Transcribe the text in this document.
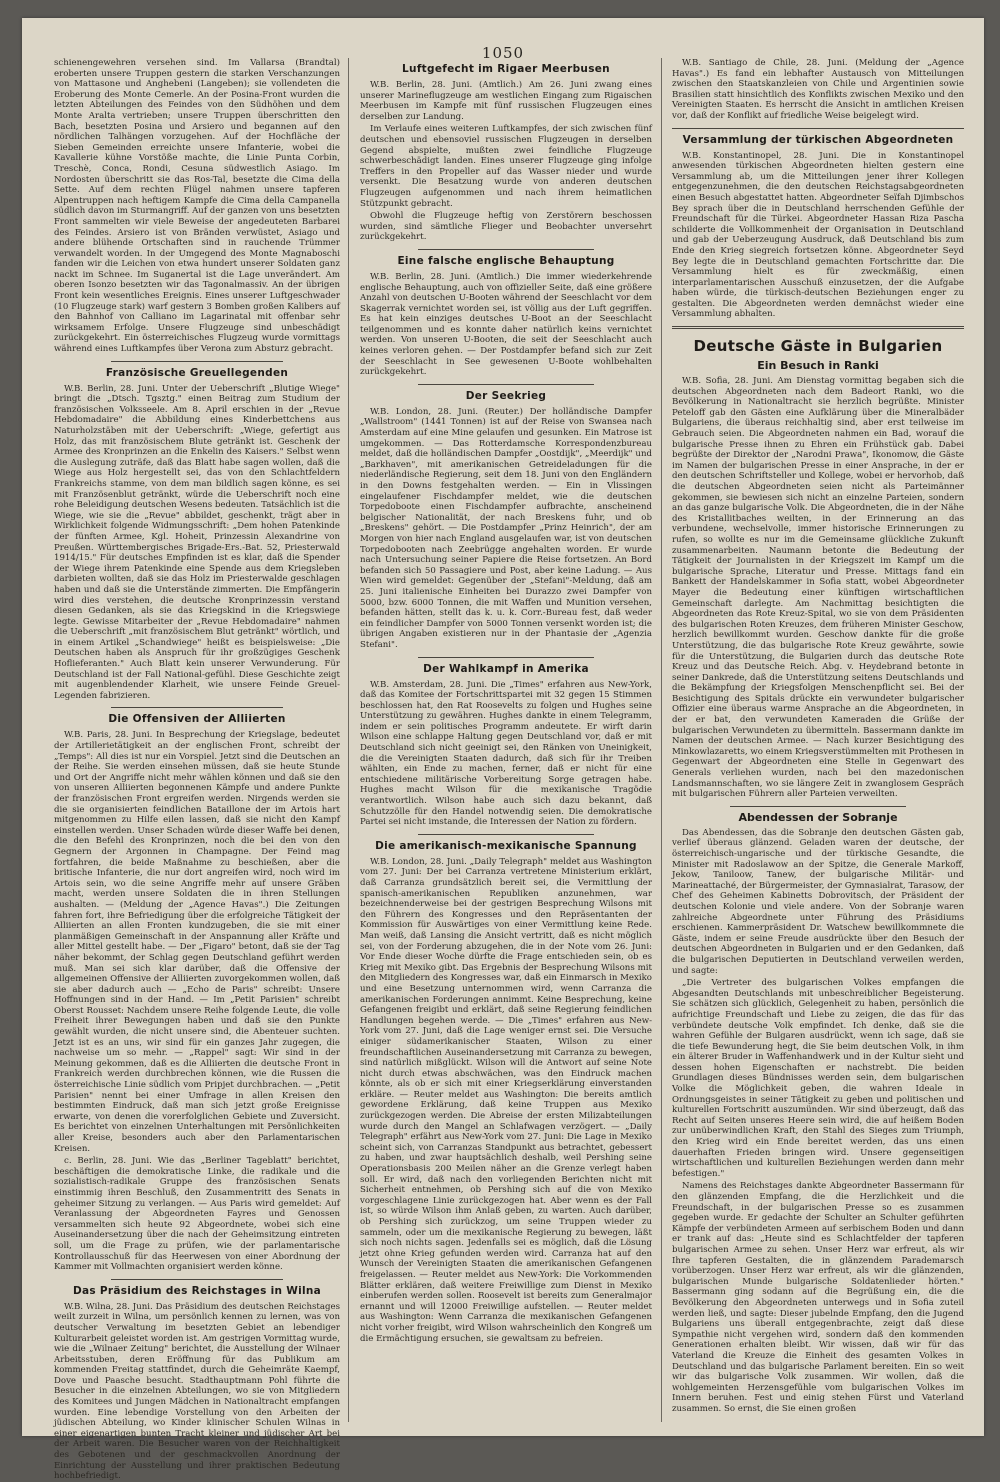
1050

schienengewehren versehen sind. Im Vallarsa (Brandtal) eroberten unsere Truppen gestern die starken Verschanzungen von Mattasone und Anghebeni (Langeben); sie vollendeten die Eroberung des Monte Cemerle. An der Posina-Front wurden die letzten Abteilungen des Feindes von den Südhöhen und dem Monte Aralta vertrieben; unsere Truppen überschritten den Bach, besetzten Posina und Arsiero und begannen auf den nördlichen Talhängen vorzugehen. Auf der Hochfläche der Sieben Gemeinden erreichte unsere Infanterie, wobei die Kavallerie kühne Vorstöße machte, die Linie Punta Corbin, Treschè, Conca, Rondi, Cesuna südwestlich Asiago. Im Nordosten überschritt sie das Ros-Tal, besetzte die Cima della Sette. Auf dem rechten Flügel nahmen unsere tapferen Alpentruppen nach heftigem Kampfe die Cima della Campanella südlich davon im Sturmangriff. Auf der ganzen von uns besetzten Front sammelten wir viele Beweise der angedeuteten Barbarei des Feindes. Arsiero ist von Bränden verwüstet, Asiago und andere blühende Ortschaften sind in rauchende Trümmer verwandelt worden. In der Umgegend des Monte Magnaboschi fanden wir die Leichen von etwa hundert unserer Soldaten ganz nackt im Schnee. Im Suganertal ist die Lage unverändert. Am oberen Isonzo besetzten wir das Tagonalmassiv. An der übrigen Front kein wesentliches Ereignis. Eines unserer Luftgeschwader (10 Flugzeuge stark) warf gestern 3 Bomben großen Kalibers auf den Bahnhof von Calliano im Lagarinatal mit offenbar sehr wirksamem Erfolge. Unsere Flugzeuge sind unbeschädigt zurückgekehrt. Ein österreichisches Flugzeug wurde vormittags während eines Luftkampfes über Verona zum Absturz gebracht.

Französische Greuellegenden

W.B. Berlin, 28. Juni. Unter der Ueberschrift „Blutige Wiege" bringt die „Dtsch. Tgsztg." einen Beitrag zum Studium der französischen Volksseele. Am 8. April erschien in der „Revue Hebdomadaire" die Abbildung eines Kinderbettchens aus Naturholzstäben mit der Ueberschrift: „Wiege, gefertigt aus Holz, das mit französischem Blute getränkt ist. Geschenk der Armee des Kronprinzen an die Enkelin des Kaisers." Selbst wenn die Auslegung zuträfe, daß das Blatt habe sagen wollen, daß die Wiege aus Holz hergestellt sei, das von den Schlachtfeldern Frankreichs stamme, von dem man bildlich sagen könne, es sei mit Französenblut getränkt, würde die Ueberschrift noch eine rohe Beleidigung deutschen Wesens bedeuten. Tatsächlich ist die Wiege, wie sie die „Revue" abbildet, geschenkt, trägt aber in Wirklichkeit folgende Widmungsschrift: „Dem hohen Patenkinde der fünften Armee, Kgl. Hoheit, Prinzessin Alexandrine von Preußen. Württembergisches Brigade-Ers.-Bat. 52, Priesterwald 1914/15." Für deutsches Empfinden ist es klar, daß die Spender der Wiege ihrem Patenkinde eine Spende aus dem Kriegsleben darbieten wollten, daß sie das Holz im Priesterwalde geschlagen haben und daß sie die Unterstände zimmerten. Die Empfängerin wird dies verstehen, die deutsche Kronprinzessin verstand diesen Gedanken, als sie das Kriegskind in die Kriegswiege legte. Gewisse Mitarbeiter der „Revue Hebdomadaire" nahmen die Ueberschrift „mit französischem Blut getränkt" wörtlich, und in einem Artikel „Schandwiege" heißt es beispielsweise: „Die Deutschen haben als Anspruch für ihr großzügiges Geschenk Hoflieferanten." Auch Blatt kein unserer Verwunderung. Für Deutschland ist der Fall National-gefühl. Diese Geschichte zeigt mit augenblendender Klarheit, wie unsere Feinde Greuel-Legenden fabrizieren.

Die Offensiven der Alliierten

W.B. Paris, 28. Juni. In Besprechung der Kriegslage, bedeutet der Artillerietätigkeit an der englischen Front, schreibt der „Temps": All dies ist nur ein Vorspiel. Jetzt sind die Deutschen an der Reihe. Sie werden einsehen müssen, daß sie heute Stunde und Ort der Angriffe nicht mehr wählen können und daß sie den von unseren Alliierten begonnenen Kämpfe und andere Punkte der französischen Front ergreifen werden. Nirgends werden sie die sie organisierten feindlichen Bataillone der im Artois hart mitgenommen zu Hilfe eilen lassen, daß sie nicht den Kampf einstellen werden. Unser Schaden würde dieser Waffe bei denen, die den Befehl des Kronprinzen, noch die bei den von den Gegnern der Argonnen in Champagne. Der Feind mag fortfahren, die beide Maßnahme zu beschießen, aber die britische Infanterie, die nur dort angreifen wird, noch wird im Artois sein, wo die seine Angriffe mehr auf unsere Gräben macht, werden unsere Soldaten die in ihren Stellungen aushalten. — (Meldung der „Agence Havas".) Die Zeitungen fahren fort, ihre Befriedigung über die erfolgreiche Tätigkeit der Alliierten an allen Fronten kundzugeben, die sie mit einer planmäßigen Gemeinschaft in der Anspannung aller Kräfte und aller Mittel gestellt habe. — Der „Figaro" betont, daß sie der Tag näher bekommt, der Schlag gegen Deutschland geführt werden muß. Man sei sich klar darüber, daß die Offensive der allgemeinen Offensive der Alliierten zuvorgekommen wollen, daß sie aber dadurch auch — „Echo de Paris" schreibt: Unsere Hoffnungen sind in der Hand. — Im „Petit Parisien" schreibt Oberst Rousset: Nachdem unsere Reihe folgende Leute, die volle Freiheit ihrer Bewegungen haben und daß sie den Punkte gewählt wurden, die nicht unsere sind, die Abenteuer suchten. Jetzt ist es an uns, wir sind für ein ganzes Jahr zugegen, die nachweise um so mehr. — „Rappel" sagt: Wir sind in der Meinung gekommen, daß es die Alliierten die deutsche Front in Frankreich werden durchbrechen können, wie die Russen die österreichische Linie südlich vom Pripjet durchbrachen. — „Petit Parisien" nennt bei einer Umfrage in allen Kreisen den bestimmten Eindruck, daß man sich jetzt große Ereignisse erwarte, von denen die vorerfolglichen Gebiete und Zuversicht. Es berichtet von einzelnen Unterhaltungen mit Persönlichkeiten aller Kreise, besonders auch aber den Parlamentarischen Kreisen.

c. Berlin, 28. Juni. Wie das „Berliner Tageblatt" berichtet, beschäftigen die demokratische Linke, die radikale und die sozialistisch-radikale Gruppe des französischen Senats einstimmig ihren Beschluß, den Zusammentritt des Senats in geheimer Sitzung zu verlangen. — Aus Paris wird gemeldet: Auf Veranlassung der Abgeordneten Fayres und Genossen versammelten sich heute 92 Abgeordnete, wobei sich eine Auseinandersetzung über die nach der Geheimsitzung eintreten soll, um die Frage zu prüfen, wie der parlamentarische Kontrollausschuß für das Heerwesen von einer Abordnung der Kammer mit Vollmachten organisiert werden könne.

Das Präsidium des Reichstages in Wilna

W.B. Wilna, 28. Juni. Das Präsidium des deutschen Reichstages weilt zurzeit in Wilna, um persönlich kennen zu lernen, was von deutscher Verwaltung im besetzten Gebiet an lebendiger Kulturarbeit geleistet worden ist. Am gestrigen Vormittag wurde, wie die „Wilnaer Zeitung" berichtet, die Ausstellung der Wilnaer Arbeitsstuben, deren Eröffnung für das Publikum am kommenden Freitag stattfindet, durch die Geheimräte Kaempf, Dove und Paasche besucht. Stadthauptmann Pohl führte die Besucher in die einzelnen Abteilungen, wo sie von Mitgliedern des Komitees und Jungen Mädchen in Nationaltracht empfangen wurden. Eine lebendige Vorstellung von den Arbeiten der jüdischen Abteilung, wo Kinder klinischer Schulen Wilnas in einer eigenartigen bunten Tracht kleiner und jüdischer Art bei der Arbeit waren. Die Besucher waren von der Reichhaltigkeit des Gebotenen und der geschmackvollen Anordnung der Einrichtung der Ausstellung und ihrer praktischen Bedeutung hochbefriedigt.

Luftgefecht im Rigaer Meerbusen

W.B. Berlin, 28. Juni. (Amtlich.) Am 26. Juni zwang eines unserer Marineflugzeuge am westlichen Eingang zum Rigaischen Meerbusen im Kampfe mit fünf russischen Flugzeugen eines derselben zur Landung.

Im Verlaufe eines weiteren Luftkampfes, der sich zwischen fünf deutschen und ebensoviel russischen Flugzeugen in derselben Gegend abspielte, mußten zwei feindliche Flugzeuge schwerbeschädigt landen. Eines unserer Flugzeuge ging infolge Treffers in den Propeller auf das Wasser nieder und wurde versenkt. Die Besatzung wurde von anderen deutschen Flugzeugen aufgenommen und nach ihrem heimatlichen Stützpunkt gebracht.

Obwohl die Flugzeuge heftig von Zerstörern beschossen wurden, sind sämtliche Flieger und Beobachter unversehrt zurückgekehrt.

Eine falsche englische Behauptung

W.B. Berlin, 28. Juni. (Amtlich.) Die immer wiederkehrende englische Behauptung, auch von offizieller Seite, daß eine größere Anzahl von deutschen U-Booten während der Seeschlacht vor dem Skagerrak vernichtet worden sei, ist völlig aus der Luft gegriffen. Es hat kein einziges deutsches U-Boot an der Seeschlacht teilgenommen und es konnte daher natürlich keins vernichtet werden. Von unseren U-Booten, die seit der Seeschlacht auch keines verloren gehen. — Der Postdampfer befand sich zur Zeit der Seeschlacht in See gewesenen U-Boote wohlbehalten zurückgekehrt.

Der Seekrieg

W.B. London, 28. Juni. (Reuter.) Der holländische Dampfer „Wallstroom" (1441 Tonnen) ist auf der Reise von Swansea nach Amsterdam auf eine Mine gelaufen und gesunken. Ein Matrose ist umgekommen. — Das Rotterdamsche Korrespondenzbureau meldet, daß die holländischen Dampfer „Oostdijk", „Meerdijk" und „Barkhaven", mit amerikanischen Getreideladungen für die niederländische Regierung, seit dem 18. Juni von den Engländern in den Downs festgehalten werden. — Ein in Vlissingen eingelaufener Fischdampfer meldet, wie die deutschen Torpedoboote einen Fischdampfer aufbrachte, anscheinend belgischer Nationalität, der nach Breskens fuhr, und ob „Breskens" gehört. — Die Postdampfer „Prinz Heinrich", der am Morgen von hier nach England ausgelaufen war, ist von deutschen Torpedobooten nach Zeebrügge angehalten worden. Er wurde nach Untersuchung seiner Papiere die Reise fortsetzen. An Bord befanden sich 50 Passagiere und Post, aber keine Ladung. — Aus Wien wird gemeldet: Gegenüber der „Stefani"-Meldung, daß am 25. Juni italienische Einheiten bei Durazzo zwei Dampfer von 5000, bzw. 6000 Tonnen, die mit Waffen und Munition versehen, befanden hätten, stellt das k. u. k. Corr.-Bureau fest, daß weder ein feindlicher Dampfer von 5000 Tonnen versenkt worden ist; die übrigen Angaben existieren nur in der Phantasie der „Agenzia Stefani".

Der Wahlkampf in Amerika

W.B. Amsterdam, 28. Juni. Die „Times" erfahren aus New-York, daß das Komitee der Fortschrittspartei mit 32 gegen 15 Stimmen beschlossen hat, den Rat Roosevelts zu folgen und Hughes seine Unterstützung zu gewähren. Hughes dankte in einem Telegramm, indem er sein politisches Programm andeutete. Er wirft darin Wilson eine schlappe Haltung gegen Deutschland vor, daß er mit Deutschland sich nicht geeinigt sei, den Ränken von Uneinigkeit, die die Vereinigten Staaten dadurch, daß sich für ihr Treiben wählten, ein Ende zu machen, ferner, daß er nicht für eine entschiedene militärische Vorbereitung Sorge getragen habe. Hughes macht Wilson für die mexikanische Tragödie verantwortlich. Wilson habe auch sich dazu bekannt, daß Schutzzölle für den Handel notwendig seien. Die demokratische Partei sei nicht imstande, die Interessen der Nation zu fördern.

Die amerikanisch-mexikanische Spannung

W.B. London, 28. Juni. „Daily Telegraph" meldet aus Washington vom 27. Juni: Der bei Carranza vertretene Ministerium erklärt, daß Carranza grundsätzlich bereit sei, die Vermittlung der spanisch-amerikanischen Republiken anzunehmen, war bezeichnenderweise bei der gestrigen Besprechung Wilsons mit den Führern des Kongresses und den Repräsentanten der Kommission für Auswärtiges von einer Vermittlung keine Rede. Man weiß, daß Lansing die Ansicht vertritt, daß es nicht möglich sei, von der Forderung abzugehen, die in der Note vom 26. Juni: Vor Ende dieser Woche dürfte die Frage entschieden sein, ob es Krieg mit Mexiko gibt. Das Ergebnis der Besprechung Wilsons mit den Mitgliedern des Kongresses war, daß ein Einmarsch in Mexiko und eine Besetzung unternommen wird, wenn Carranza die amerikanischen Forderungen annimmt. Keine Besprechung, keine Gefangenen freigibt und erklärt, daß seine Regierung feindlichen Handlungen begehen werde. — Die „Times" erfahren aus New-York vom 27. Juni, daß die Lage weniger ernst sei. Die Versuche einiger südamerikanischer Staaten, Wilson zu einer freundschaftlichen Auseinandersetzung mit Carranza zu bewegen, sind natürlich mißglückt. Wilson will die Antwort auf seine Note nicht durch etwas abschwächen, was den Eindruck machen könnte, als ob er sich mit einer Kriegserklärung einverstanden erkläre. — Reuter meldet aus Washington: Die bereits amtlich gewordene Erklärung, daß keine Truppen aus Mexiko zurückgezogen werden. Die Abreise der ersten Milizabteilungen wurde durch den Mangel an Schlafwagen verzögert. — „Daily Telegraph" erfährt aus New-York vom 27. Juni: Die Lage in Mexiko scheint sich, von Carranzas Standpunkt aus betrachtet, gebessert zu haben, und zwar hauptsächlich deshalb, weil Pershing seine Operationsbasis 200 Meilen näher an die Grenze verlegt haben soll. Er wird, daß nach den vorliegenden Berichten nicht mit Sicherheit entnehmen, ob Pershing sich auf die von Mexiko vorgeschlagene Linie zurückgezogen hat. Aber wenn es der Fall ist, so würde Wilson ihm Anlaß geben, zu warten. Auch darüber, ob Pershing sich zurückzog, um seine Truppen wieder zu sammeln, oder um die mexikanische Regierung zu bewegen, läßt sich noch nichts sagen. Jedenfalls sei es möglich, daß die Lösung jetzt ohne Krieg gefunden werden wird. Carranza hat auf den Wunsch der Vereinigten Staaten die amerikanischen Gefangenen freigelassen. — Reuter meldet aus New-York: Die Vorkommenden Blätter erklären, daß weitere Freiwillige zum Dienst in Mexiko einberufen werden sollen. Roosevelt ist bereits zum Generalmajor ernannt und will 12000 Freiwillige aufstellen. — Reuter meldet aus Washington: Wenn Carranza die mexikanischen Gefangenen nicht vorher freigibt, wird Wilson wahrscheinlich den Kongreß um die Ermächtigung ersuchen, sie gewaltsam zu befreien.

W.B. Santiago de Chile, 28. Juni. (Meldung der „Agence Havas".) Es fand ein lebhafter Austausch von Mitteilungen zwischen den Staatskanzleien von Chile und Argentinien sowie Brasilien statt hinsichtlich des Konflikts zwischen Mexiko und den Vereinigten Staaten. Es herrscht die Ansicht in amtlichen Kreisen vor, daß der Konflikt auf friedliche Weise beigelegt wird.

Versammlung der türkischen Abgeordneten

W.B. Konstantinopel, 28. Juni. Die in Konstantinopel anwesenden türkischen Abgeordneten hielten gestern eine Versammlung ab, um die Mitteilungen jener ihrer Kollegen entgegenzunehmen, die den deutschen Reichstagsabgeordneten einen Besuch abgestattet hatten. Abgeordneter Seïfah Djimbschos Bey sprach über die in Deutschland herrschenden Gefühle der Freundschaft für die Türkei. Abgeordneter Hassan Riza Pascha schilderte die Vollkommenheit der Organisation in Deutschland und gab der Ueberzeugung Ausdruck, daß Deutschland bis zum Ende den Krieg siegreich fortsetzen könne. Abgeordneter Seyd Bey legte die in Deutschland gemachten Fortschritte dar. Die Versammlung hielt es für zweckmäßig, einen interparlamentarischen Ausschuß einzusetzen, der die Aufgabe haben würde, die türkisch-deutschen Beziehungen enger zu gestalten. Die Abgeordneten werden demnächst wieder eine Versammlung abhalten.

Deutsche Gäste in Bulgarien
Ein Besuch in Ranki

W.B. Sofia, 28. Juni. Am Dienstag vormittag begaben sich die deutschen Abgeordneten nach dem Badeort Ranki, wo die Bevölkerung in Nationaltracht sie herzlich begrüßte. Minister Peteloff gab den Gästen eine Aufklärung über die Mineralbäder Bulgariens, die überaus reichhaltig sind, aber erst teilweise im Gebrauch seien. Die Abgeordneten nahmen ein Bad, worauf die bulgarische Presse ihnen zu Ehren ein Frühstück gab. Dabei begrüßte der Direktor der „Narodni Prawa", Ikonomow, die Gäste im Namen der bulgarischen Presse in einer Ansprache, in der er den deutschen Schriftsteller und Kollege, wobei er hervorhob, daß die deutschen Abgeordneten seien nicht als Parteimänner gekommen, sie bewiesen sich nicht an einzelne Parteien, sondern an das ganze bulgarische Volk. Die Abgeordneten, die in der Nähe des Kristallitbaches weilten, in der Erinnerung an das verbundene, wechselvolle, immer historische Erinnerungen zu rufen, so wollte es nur im die Gemeinsame glückliche Zukunft zusammenarbeiten. Naumann betonte die Bedeutung der Tätigkeit der Journalisten in der Kriegszeit im Kampf um die bulgarische Sprache, Literatur und Presse. Mittags fand ein Bankett der Handelskammer in Sofia statt, wobei Abgeordneter Mayer die Bedeutung einer künftigen wirtschaftlichen Gemeinschaft darlegte. Am Nachmittag besichtigten die Abgeordneten das Rote Kreuz-Spital, wo sie von dem Präsidenten des bulgarischen Roten Kreuzes, dem früheren Minister Geschow, herzlich bewillkommt wurden. Geschow dankte für die große Unterstützung, die das bulgarische Rote Kreuz gewährte, sowie für die Unterstützung, die Bulgarien durch das deutsche Rote Kreuz und das Deutsche Reich. Abg. v. Heydebrand betonte in seiner Dankrede, daß die Unterstützung seitens Deutschlands und die Bekämpfung der Kriegsfolgen Menschenpflicht sei. Bei der Besichtigung des Spitals drückte ein verwundeter bulgarischer Offizier eine überaus warme Ansprache an die Abgeordneten, in der er bat, den verwundeten Kameraden die Grüße der bulgarischen Verwundeten zu übermitteln. Bassermann dankte im Namen der deutschen Armee. — Nach kurzer Besichtigung des Minkowlazaretts, wo einem Kriegsverstümmelten mit Prothesen in Gegenwart der Abgeordneten eine Stelle in Gegenwart des Generals verliehen wurden, nach bei den mazedonischen Landsmannschaften, wo sie längere Zeit in zwanglosem Gespräch mit bulgarischen Führern aller Parteien verweilten.

Abendessen der Sobranje

Das Abendessen, das die Sobranje den deutschen Gästen gab, verlief überaus glänzend. Geladen waren der deutsche, der österreichisch-ungarische und der türkische Gesandte, die Minister mit Radoslawow an der Spitze, die Generale Markoff, Jekow, Taniloow, Tanew, der bulgarische Militär- und Marineattaché, der Bürgermeister, der Gymnasialrat, Tarasow, der Chef des Geheimen Kabinetts Dobrovitsch, der Präsident der deutschen Kolonie und viele andere. Von der Sobranje waren zahlreiche Abgeordnete unter Führung des Präsidiums erschienen. Kammerpräsident Dr. Watschew bewillkommnete die Gäste, indem er seine Freude ausdrückte über den Besuch der deutschen Abgeordneten in Bulgarien und er den Gedanken, daß die bulgarischen Deputierten in Deutschland verweilen werden, und sagte:

„Die Vertreter des bulgarischen Volkes empfangen die Abgesandten Deutschlands mit unbeschreiblicher Begeisterung. Sie schätzen sich glücklich, Gelegenheit zu haben, persönlich die aufrichtige Freundschaft und Liebe zu zeigen, die das für das verbündete deutsche Volk empfindet. Ich denke, daß sie die wahren Gefühle der Bulgaren ausdrückt, wenn ich sage, daß sie die tiefe Bewunderung hegt, die Sie beim deutschen Volk, in ihm ein älterer Bruder in Waffenhandwerk und in der Kultur sieht und dessen hohen Eigenschaften er nachstrebt. Die beiden Grundlagen dieses Bündnisses werden sein, dem bulgarischen Volke die Möglichkeit geben, die wahren Ideale in Ordnungsgeistes in seiner Tätigkeit zu geben und politischen und kulturellen Fortschritt auszumünden. Wir sind überzeugt, daß das Recht auf Seiten unseres Heere sein wird, die auf heißem Boden zur unüberwindlichen Kraft, den Stahl des Sieges zum Triumph, den Krieg wird ein Ende bereitet werden, das uns einen dauerhaften Frieden bringen wird. Unsere gegenseitigen wirtschaftlichen und kulturellen Beziehungen werden dann mehr befestigen."

Namens des Reichstages dankte Abgeordneter Bassermann für den glänzenden Empfang, die die Herzlichkeit und die Freundschaft, in der bulgarischen Presse so es zusammen gegeben wurde. Er gedachte der Schulter an Schulter geführten Kämpfe der verbündeten Armeen auf serbischem Boden und dann er trank auf das: „Heute sind es Schlachtfelder der tapferen bulgarischen Armee zu sehen. Unser Herz war erfreut, als wir Ihre tapferen Gestalten, die in glänzendem Parademarsch vorüberzogen. Unser Herz war erfreut, als wir die glänzenden, bulgarischen Munde bulgarische Soldatenlieder hörten." Bassermann ging sodann auf die Begrüßung ein, die die Bevölkerung den Abgeordneten unterwegs und in Sofia zuteil werden ließ, und sagte: Dieser jubelnde Empfang, den die Jugend Bulgariens uns überall entgegenbrachte, zeigt daß diese Sympathie nicht vergehen wird, sondern daß den kommenden Generationen erhalten bleibt. Wir wissen, daß wir für das Vaterland die Kreuze die Einheit des gesamten Volkes in Deutschland und das bulgarische Parlament bereiten. Ein so weit wir das bulgarische Volk zusammen. Wir wollen, daß die wohlgemeinten Herzensgefühle vom bulgarischen Volkes im Innern beruhen. Fest und einig stehen Fürst und Vaterland zusammen. So ernst, die Sie einen großen
